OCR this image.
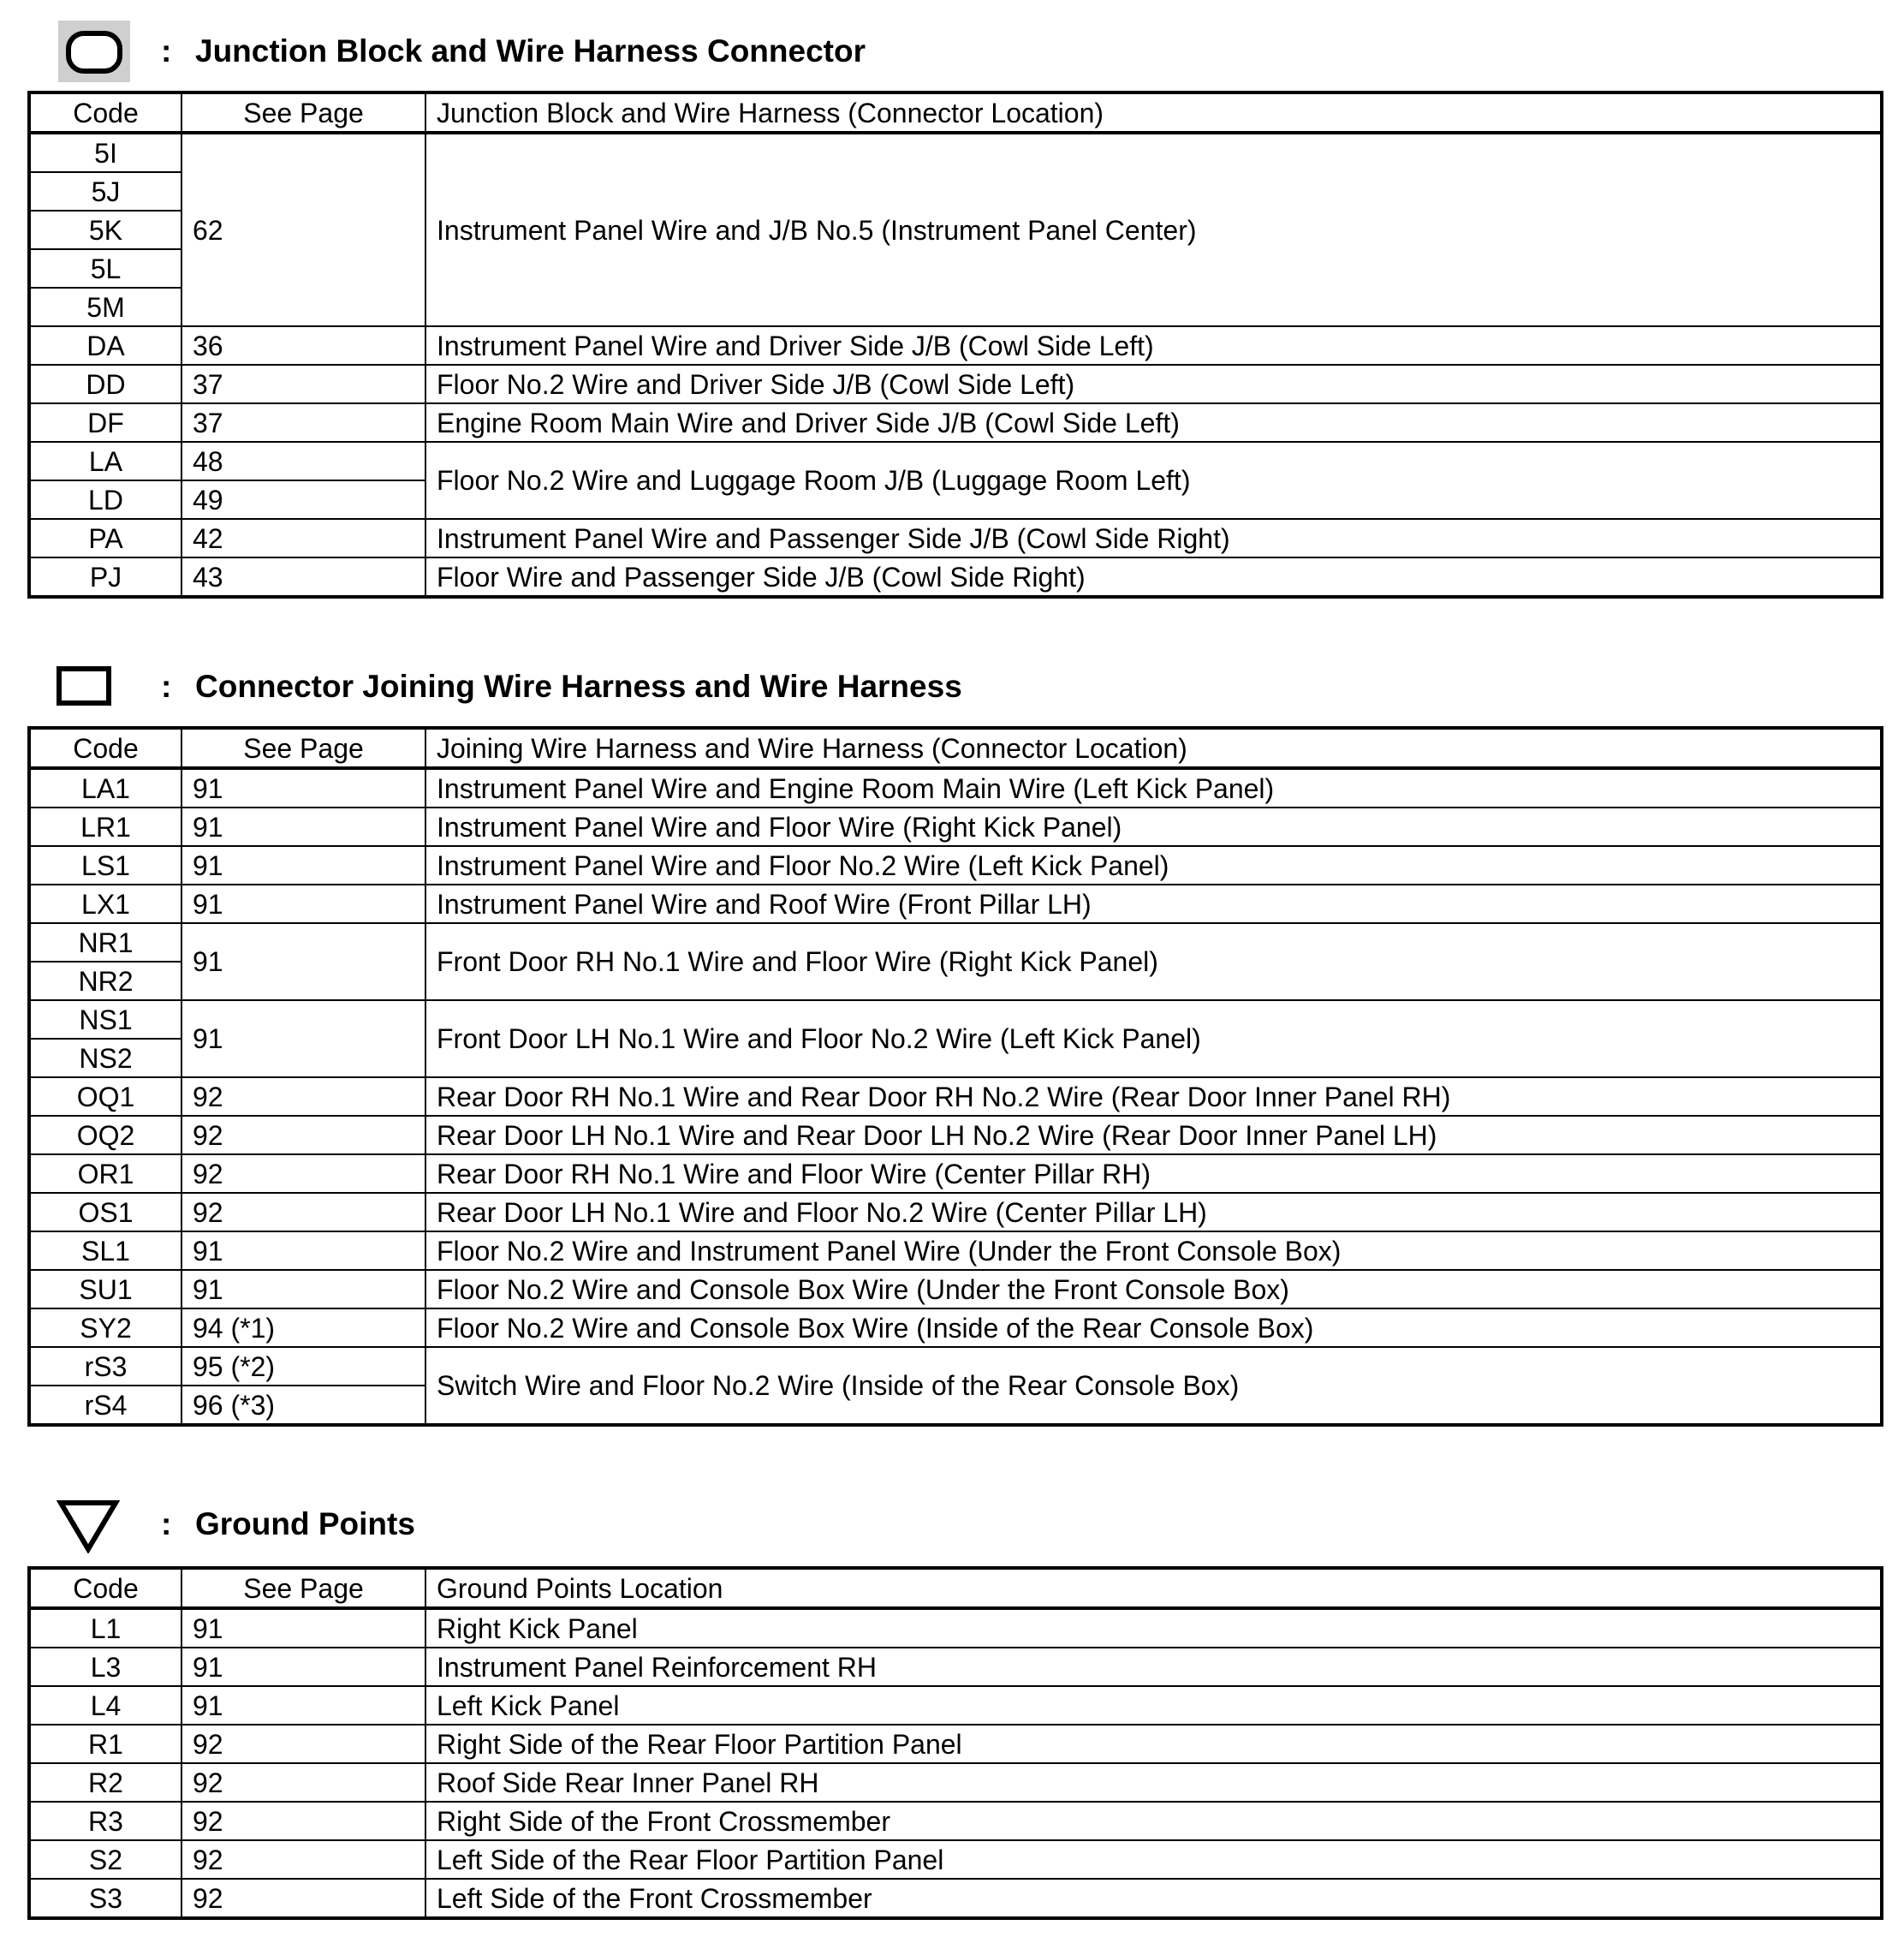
: Junction Block and Wire Harness Connector
Code	See Page	Junction Block and Wire Harness (Connector Location)
5I	62	Instrument Panel Wire and J/B No.5 (Instrument Panel Center)
5J		
5K		
5L		
5M		
DA	36	Instrument Panel Wire and Driver Side J/B (Cowl Side Left)
DD	37	Floor No.2 Wire and Driver Side J/B (Cowl Side Left)
DF	37	Engine Room Main Wire and Driver Side J/B (Cowl Side Left)
LA	48	Floor No.2 Wire and Luggage Room J/B (Luggage Room Left)
LD	49	
PA	42	Instrument Panel Wire and Passenger Side J/B (Cowl Side Right)
PJ	43	Floor Wire and Passenger Side J/B (Cowl Side Right)
: Connector Joining Wire Harness and Wire Harness
Code	See Page	Joining Wire Harness and Wire Harness (Connector Location)
LA1	91	Instrument Panel Wire and Engine Room Main Wire (Left Kick Panel)
LR1	91	Instrument Panel Wire and Floor Wire (Right Kick Panel)
LS1	91	Instrument Panel Wire and Floor No.2 Wire (Left Kick Panel)
LX1	91	Instrument Panel Wire and Roof Wire (Front Pillar LH)
NR1	91	Front Door RH No.1 Wire and Floor Wire (Right Kick Panel)
NR2		
NS1	91	Front Door LH No.1 Wire and Floor No.2 Wire (Left Kick Panel)
NS2		
OQ1	92	Rear Door RH No.1 Wire and Rear Door RH No.2 Wire (Rear Door Inner Panel RH)
OQ2	92	Rear Door LH No.1 Wire and Rear Door LH No.2 Wire (Rear Door Inner Panel LH)
OR1	92	Rear Door RH No.1 Wire and Floor Wire (Center Pillar RH)
OS1	92	Rear Door LH No.1 Wire and Floor No.2 Wire (Center Pillar LH)
SL1	91	Floor No.2 Wire and Instrument Panel Wire (Under the Front Console Box)
SU1	91	Floor No.2 Wire and Console Box Wire (Under the Front Console Box)
SY2	94 (*1)	Floor No.2 Wire and Console Box Wire (Inside of the Rear Console Box)
rS3	95 (*2)	Switch Wire and Floor No.2 Wire (Inside of the Rear Console Box)
rS4	96 (*3)	
: Ground Points
Code	See Page	Ground Points Location
L1	91	Right Kick Panel
L3	91	Instrument Panel Reinforcement RH
L4	91	Left Kick Panel
R1	92	Right Side of the Rear Floor Partition Panel
R2	92	Roof Side Rear Inner Panel RH
R3	92	Right Side of the Front Crossmember
S2	92	Left Side of the Rear Floor Partition Panel
S3	92	Left Side of the Front Crossmember
